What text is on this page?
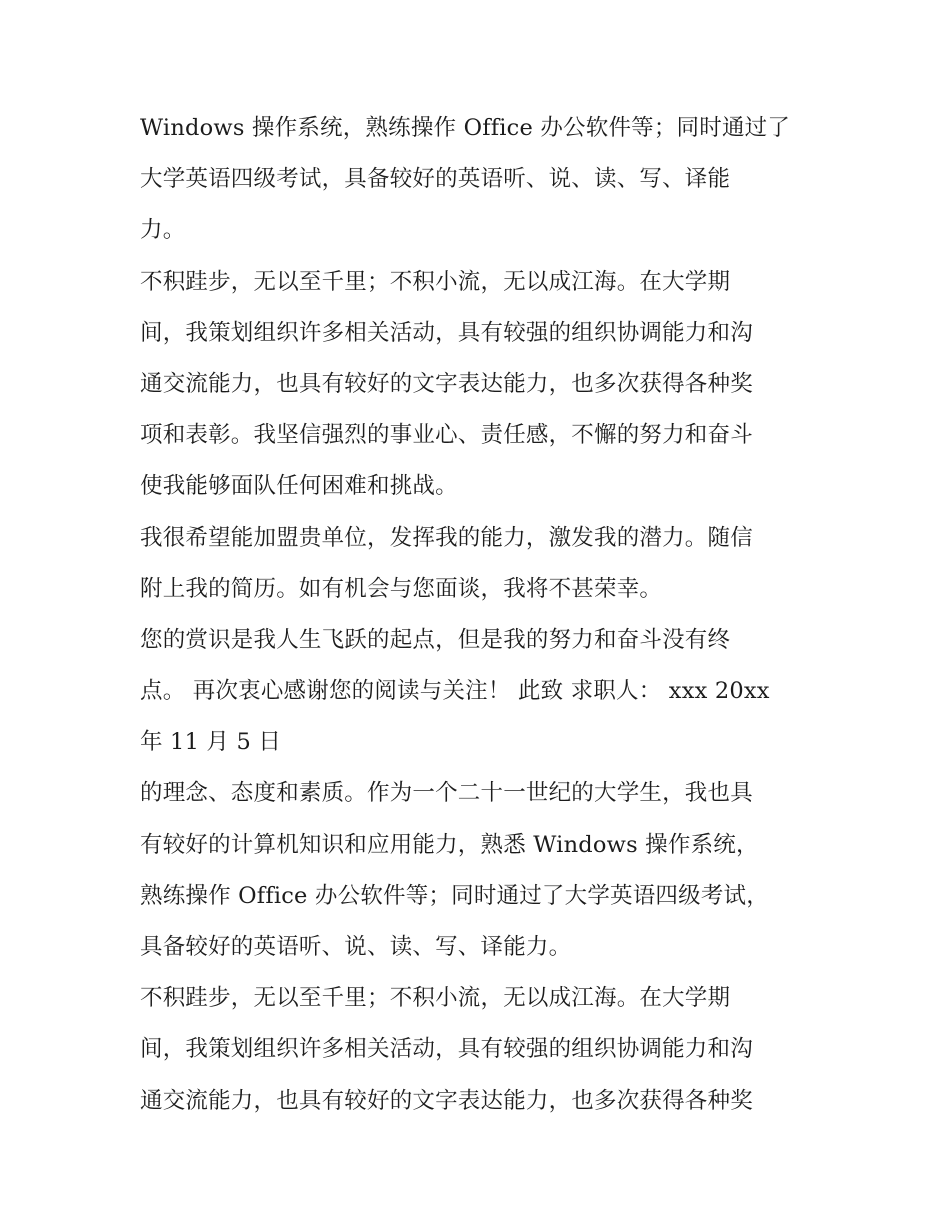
Windows 操作系统，熟练操作 Office 办公软件等；同时通过了
大学英语四级考试，具备较好的英语听、说、读、写、译能
力。
不积跬步，无以至千里；不积小流，无以成江海。在大学期
间，我策划组织许多相关活动，具有较强的组织协调能力和沟
通交流能力，也具有较好的文字表达能力，也多次获得各种奖
项和表彰。我坚信强烈的事业心、责任感，不懈的努力和奋斗
使我能够面队任何困难和挑战。
我很希望能加盟贵单位，发挥我的能力，激发我的潜力。随信
附上我的简历。如有机会与您面谈，我将不甚荣幸。
您的赏识是我人生飞跃的起点，但是我的努力和奋斗没有终
点。 再次衷心感谢您的阅读与关注！ 此致 求职人： xxx 20xx
年 11 月 5 日
的理念、态度和素质。作为一个二十一世纪的大学生，我也具
有较好的计算机知识和应用能力，熟悉 Windows 操作系统，
熟练操作 Office 办公软件等；同时通过了大学英语四级考试，
具备较好的英语听、说、读、写、译能力。
不积跬步，无以至千里；不积小流，无以成江海。在大学期
间，我策划组织许多相关活动，具有较强的组织协调能力和沟
通交流能力，也具有较好的文字表达能力，也多次获得各种奖
